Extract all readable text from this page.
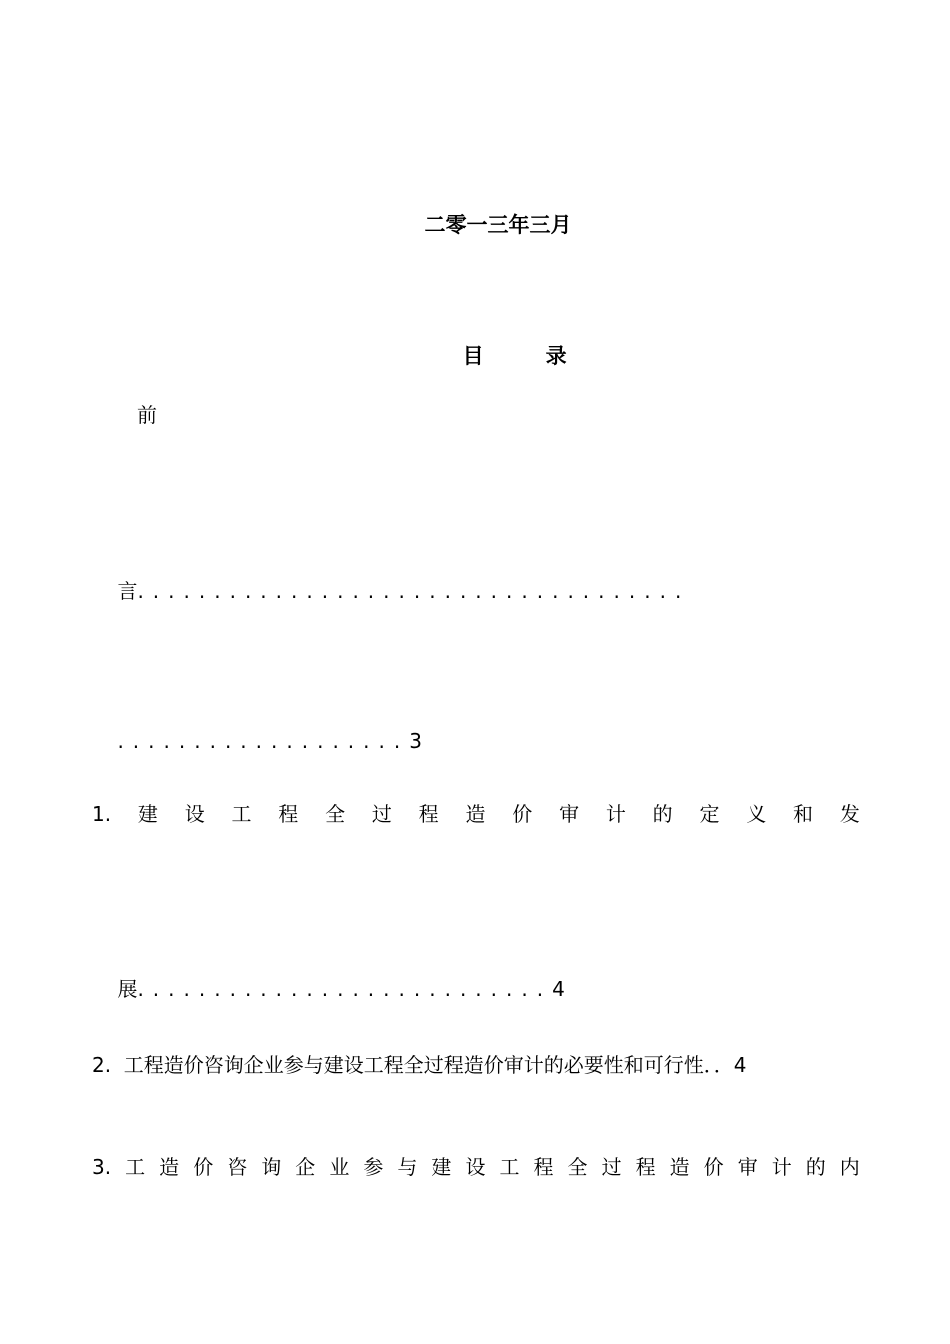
二零一三年三月

目	录

前

言....................................

...................3

1. 建 设 工 程 全 过 程 造 价 审 计 的 定 义 和 发

展...........................4

2.  工程造价咨询企业参与建设工程全过程造价审计的必要性和可行性．．4
3. 工 造 价 咨 询 企 业 参 与 建 设 工 程 全 过 程 造 价 审 计 的 内
